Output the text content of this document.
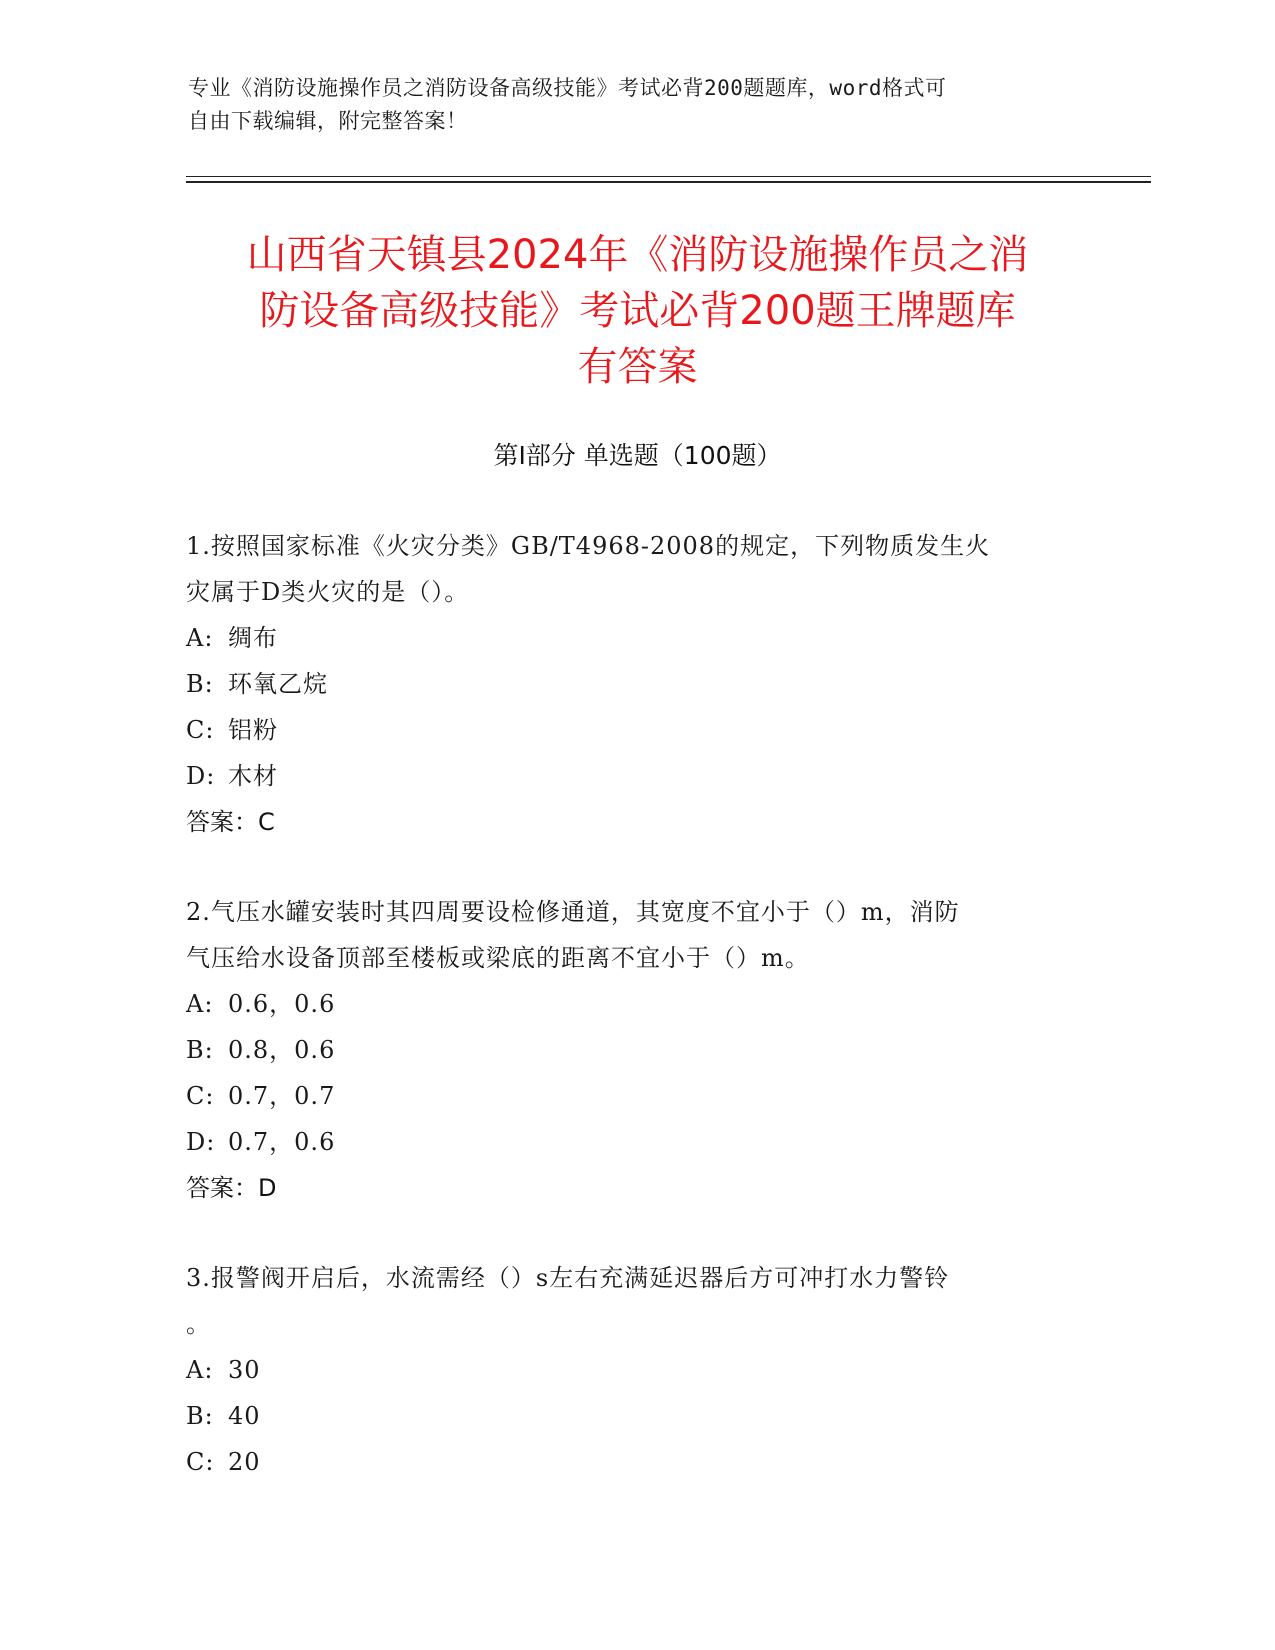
专业《消防设施操作员之消防设备高级技能》考试必背200题题库，word格式可
自由下载编辑，附完整答案！
山西省天镇县2024年《消防设施操作员之消
防设备高级技能》考试必背200题王牌题库
有答案
第Ⅰ部分 单选题（100题）
1.按照国家标准《火灾分类》GB/T4968-2008的规定，下列物质发生火
灾属于D类火灾的是（）。
A: 绸布
B: 环氧乙烷
C: 铝粉
D: 木材
答案：C
2.气压水罐安装时其四周要设检修通道，其宽度不宜小于（）m，消防
气压给水设备顶部至楼板或梁底的距离不宜小于（）m。
A: 0.6，0.6
B: 0.8，0.6
C: 0.7，0.7
D: 0.7，0.6
答案：D
3.报警阀开启后，水流需经（）s左右充满延迟器后方可冲打水力警铃
。
A: 30
B: 40
C: 20
